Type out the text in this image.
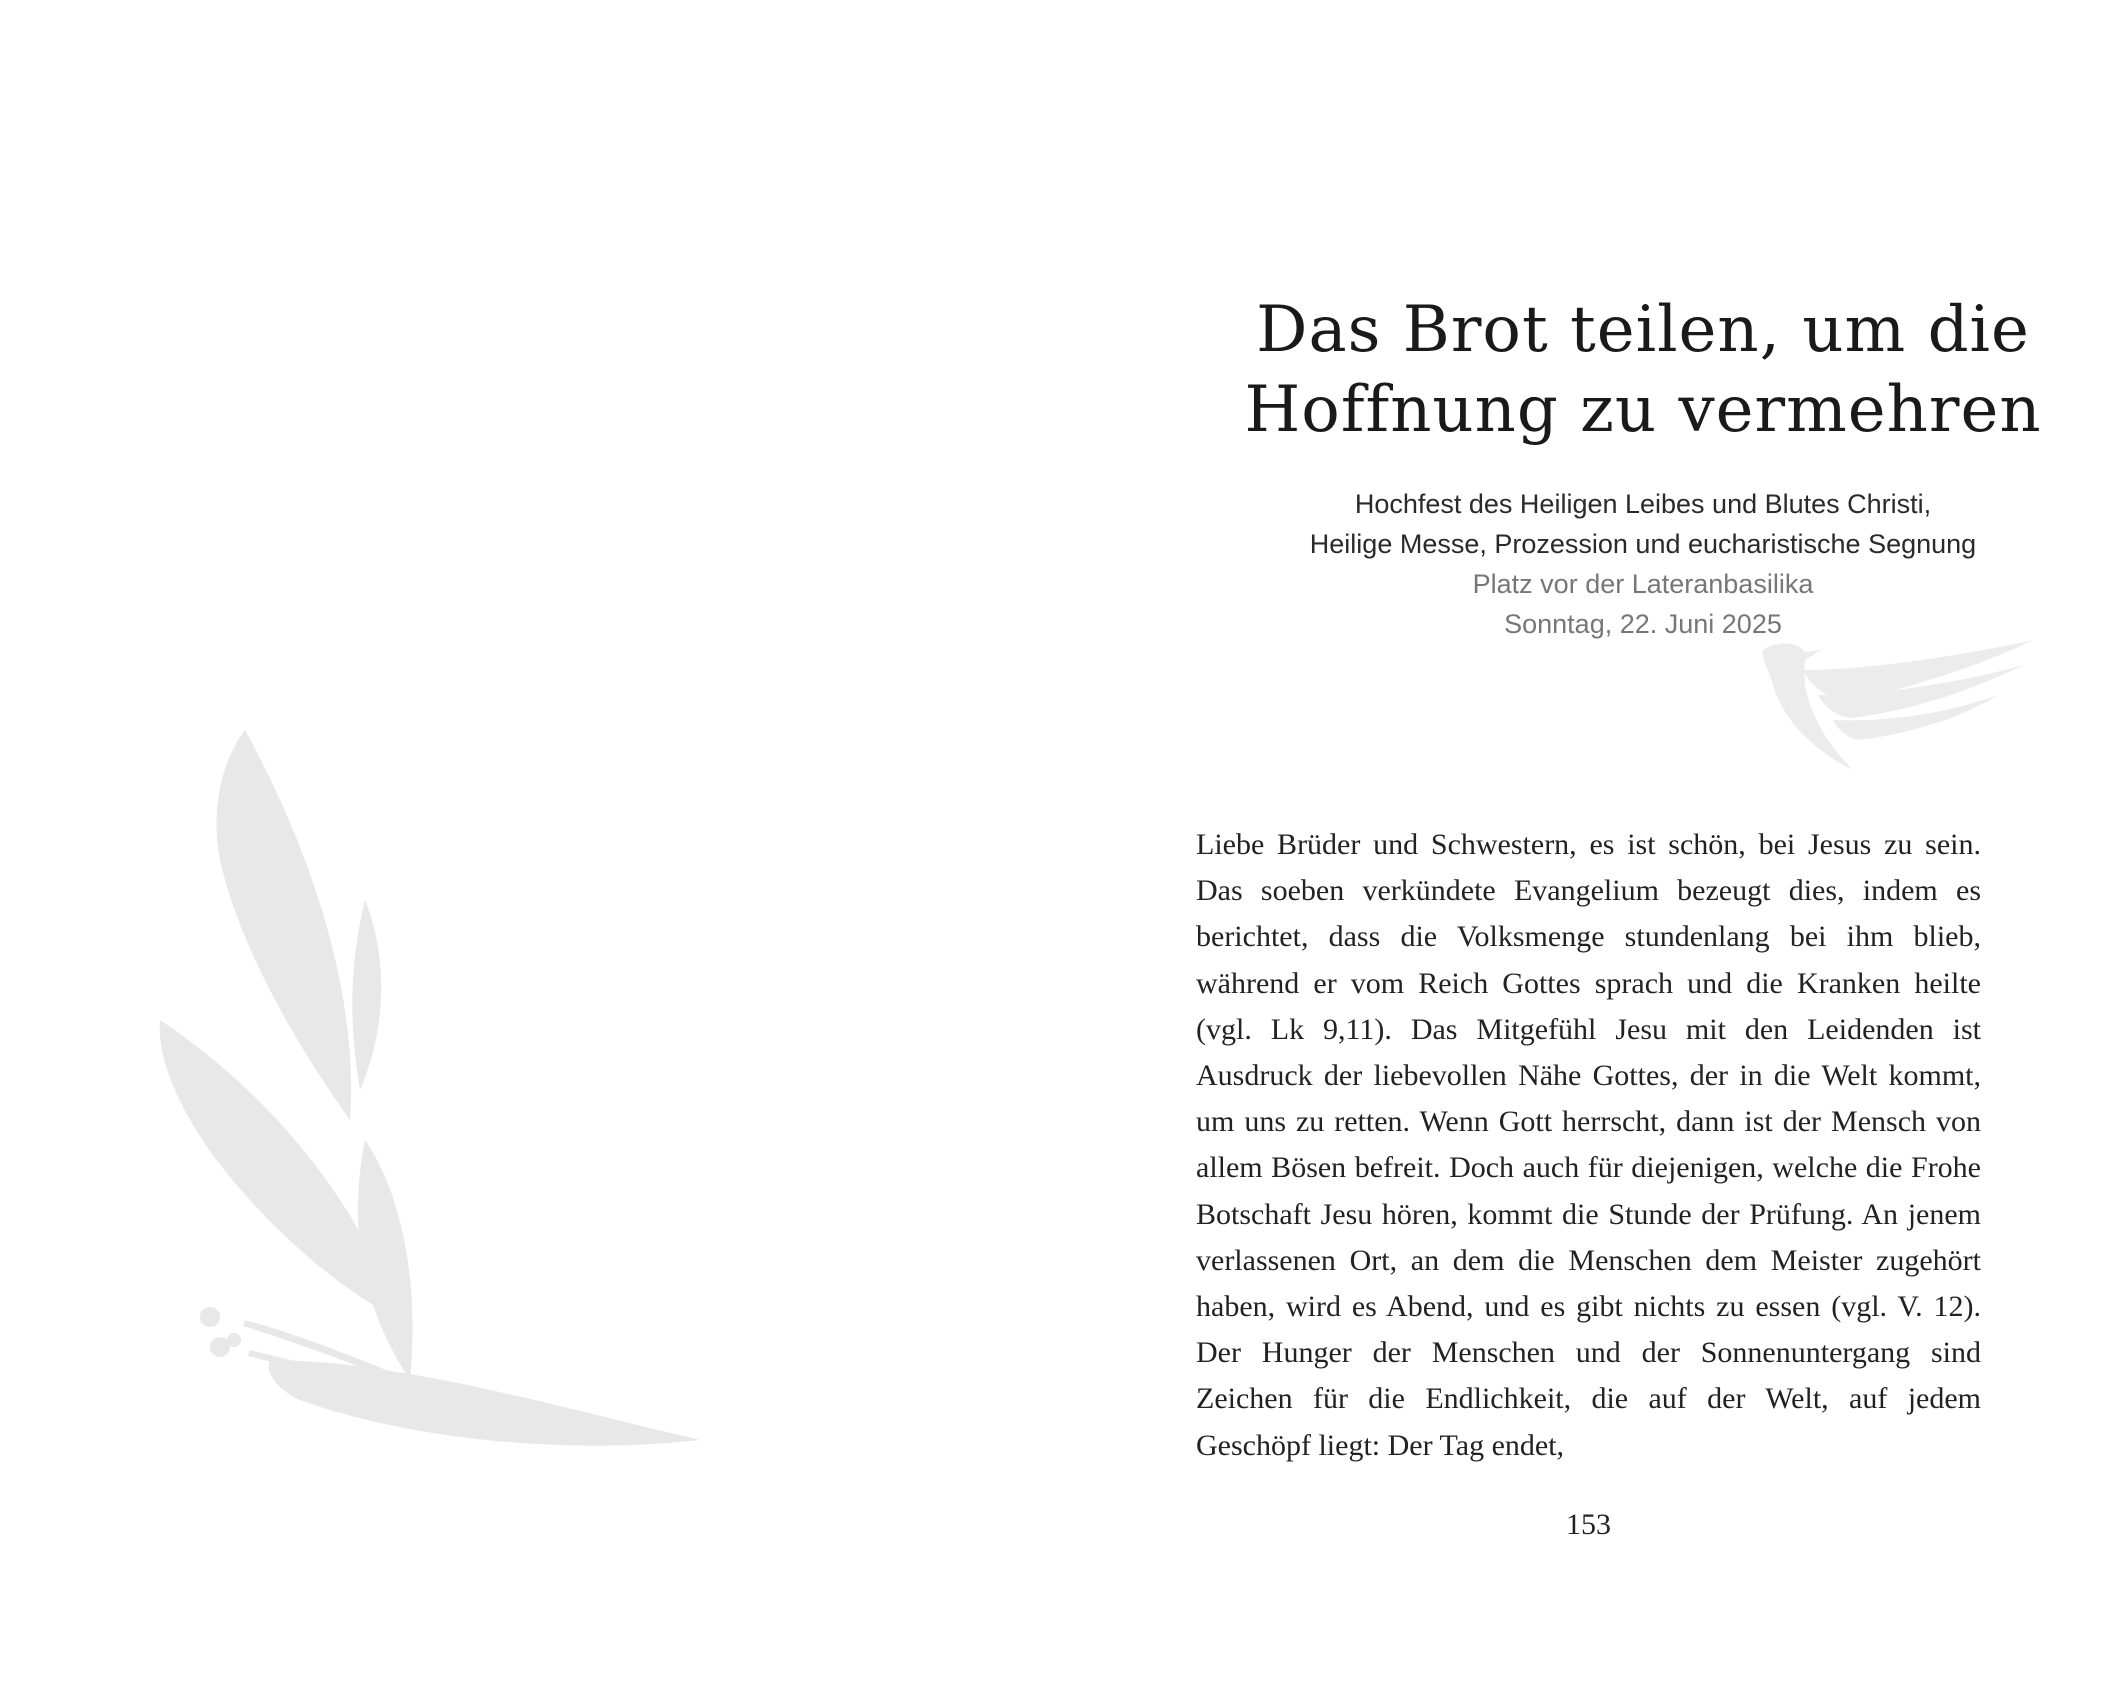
Das Brot teilen, um die
Hoffnung zu vermehren
Hochfest des Heiligen Leibes und Blutes Christi,
Heilige Messe, Prozession und eucharistische Segnung
Platz vor der Lateranbasilika
Sonntag, 22. Juni 2025

Liebe Brüder und Schwestern, es ist schön, bei Jesus zu sein. Das soeben verkündete Evangelium bezeugt dies, indem es berichtet, dass die Volksmenge stundenlang bei ihm blieb, während er vom Reich Gottes sprach und die Kranken heilte (vgl. Lk 9,11). Das Mitgefühl Jesu mit den Leidenden ist Ausdruck der liebevollen Nähe Gottes, der in die Welt kommt, um uns zu retten. Wenn Gott herrscht, dann ist der Mensch von allem Bösen befreit. Doch auch für diejenigen, welche die Frohe Botschaft Jesu hören, kommt die Stunde der Prüfung. An jenem verlassenen Ort, an dem die Menschen dem Meister zugehört haben, wird es Abend, und es gibt nichts zu essen (vgl. V. 12). Der Hunger der Menschen und der Sonnenuntergang sind Zeichen für die Endlichkeit, die auf der Welt, auf jedem Geschöpf liegt: Der Tag endet,

153
